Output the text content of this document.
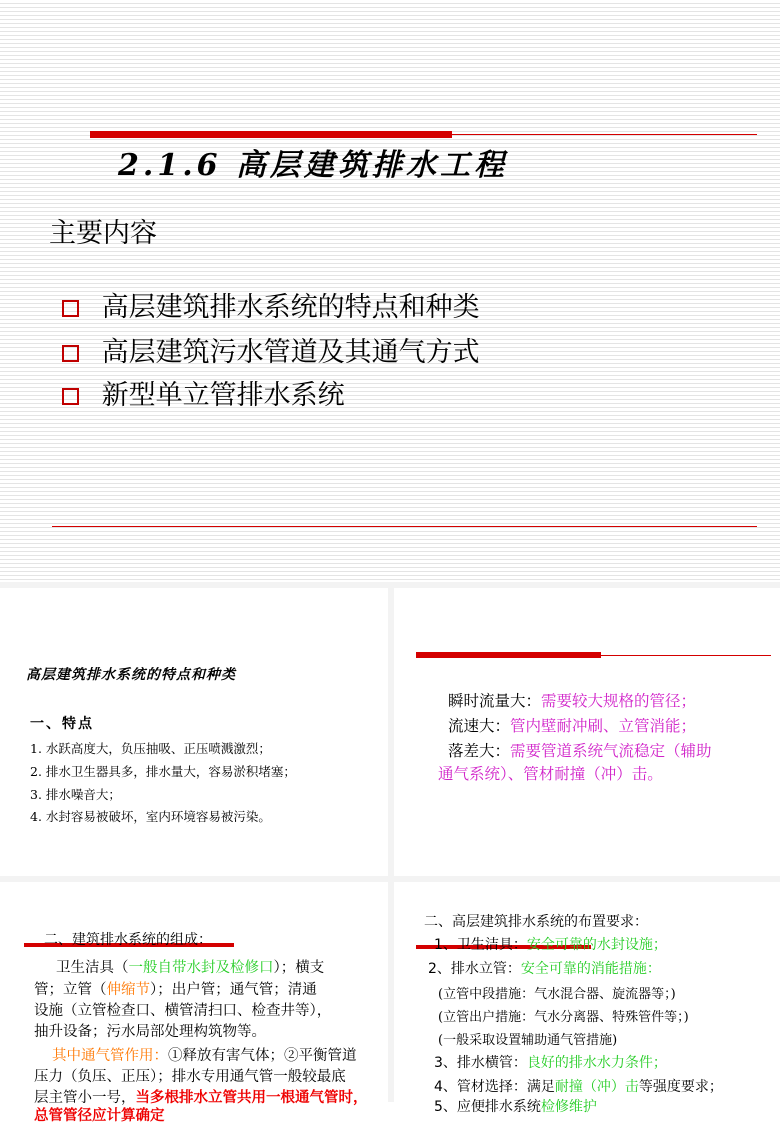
2.1.6 高层建筑排水工程
主要内容
高层建筑排水系统的特点和种类
高层建筑污水管道及其通气方式
新型单立管排水系统
高层建筑排水系统的特点和种类
一、特点
1. 水跃高度大，负压抽吸、正压喷溅激烈；
2. 排水卫生器具多，排水量大，容易淤积堵塞；
3. 排水噪音大；
4. 水封容易被破坏，室内环境容易被污染。
瞬时流量大：需要较大规格的管径；
流速大：管内壁耐冲刷、立管消能；
落差大：需要管道系统气流稳定（辅助
通气系统）、管材耐撞（冲）击。
二、建筑排水系统的组成：
卫生洁具（一般自带水封及检修口）；横支
管；立管（伸缩节）；出户管；通气管；清通
设施（立管检查口、横管清扫口、检查井等），
抽升设备；污水局部处理构筑物等。
其中通气管作用：①释放有害气体；②平衡管道
压力（负压、正压）；排水专用通气管一般较最底
层主管小一号，当多根排水立管共用一根通气管时，
总管管径应计算确定
二、高层建筑排水系统的布置要求：
1、卫生洁具：安全可靠的水封设施；
2、排水立管：安全可靠的消能措施：
(立管中段措施：气水混合器、旋流器等；)
(立管出户措施：气水分离器、特殊管件等；)
(一般采取设置辅助通气管措施)
3、排水横管：良好的排水水力条件；
4、管材选择：满足耐撞（冲）击等强度要求；
5、应便排水系统检修维护
